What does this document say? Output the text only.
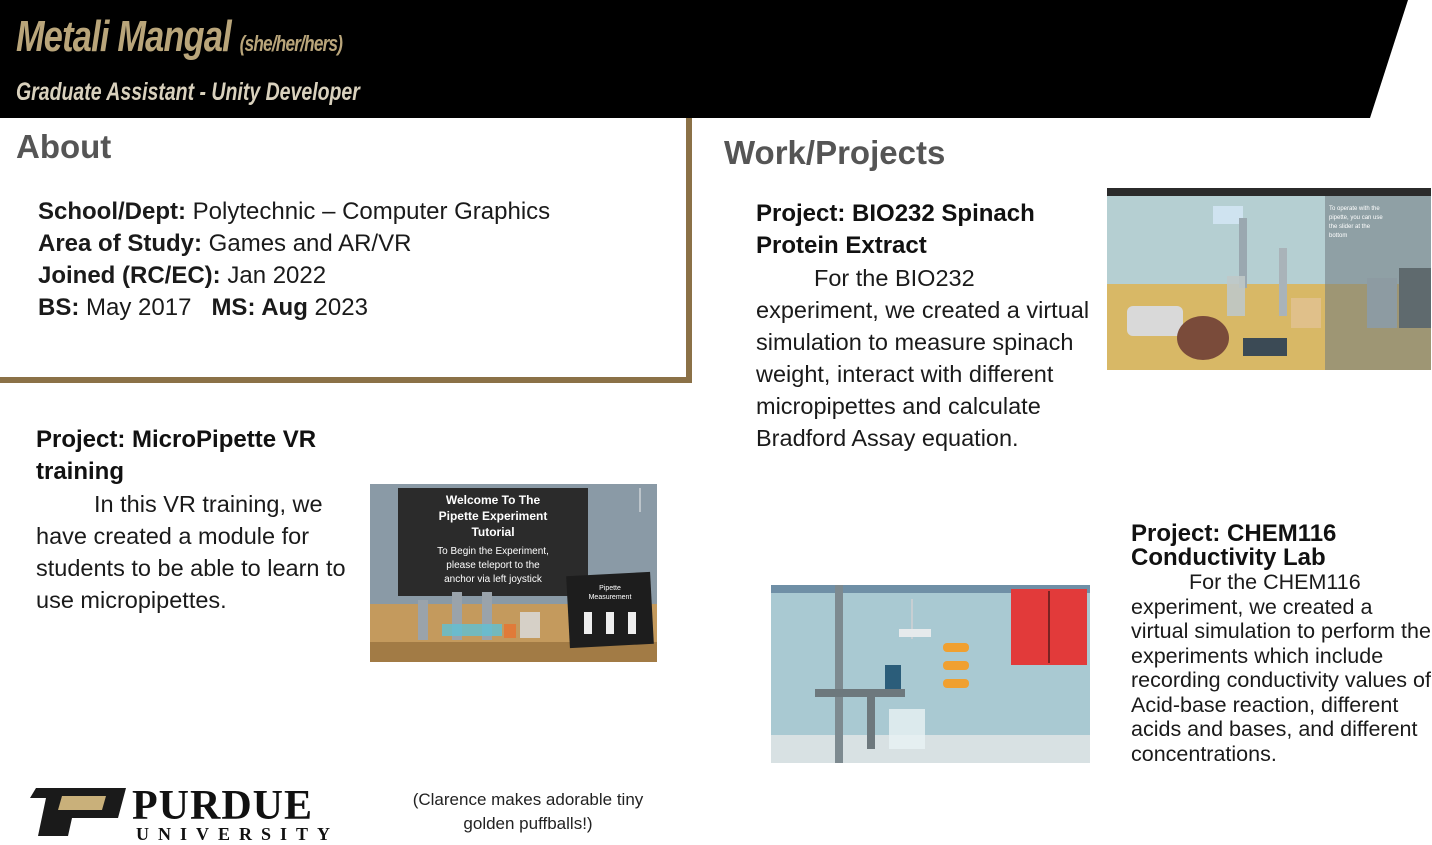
Metali Mangal (she/her/hers)
Graduate Assistant - Unity Developer
About
School/Dept: Polytechnic – Computer Graphics
Area of Study: Games and AR/VR
Joined (RC/EC): Jan 2022
BS: May 2017 MS: Aug 2023
Work/Projects
Project: MicroPipette VR training
In this VR training, we have created a module for students to be able to learn to use micropipettes.
Welcome To The
Pipette Experiment
Tutorial
To Begin the Experiment,
please teleport to the
anchor via left joystick
Pipette
Measurement
Project: BIO232 Spinach Protein Extract
For the BIO232 experiment, we created a virtual simulation to measure spinach weight, interact with different micropipettes and calculate Bradford Assay equation.
To operate with the
pipette, you can use
the slider at the
bottom
Project: CHEM116 Conductivity Lab
For the CHEM116 experiment, we created a virtual simulation to perform the experiments which include recording conductivity values of Acid-base reaction, different acids and bases, and different concentrations.
(Clarence makes adorable tiny golden puffballs!)
PURDUE
UNIVERSITY
